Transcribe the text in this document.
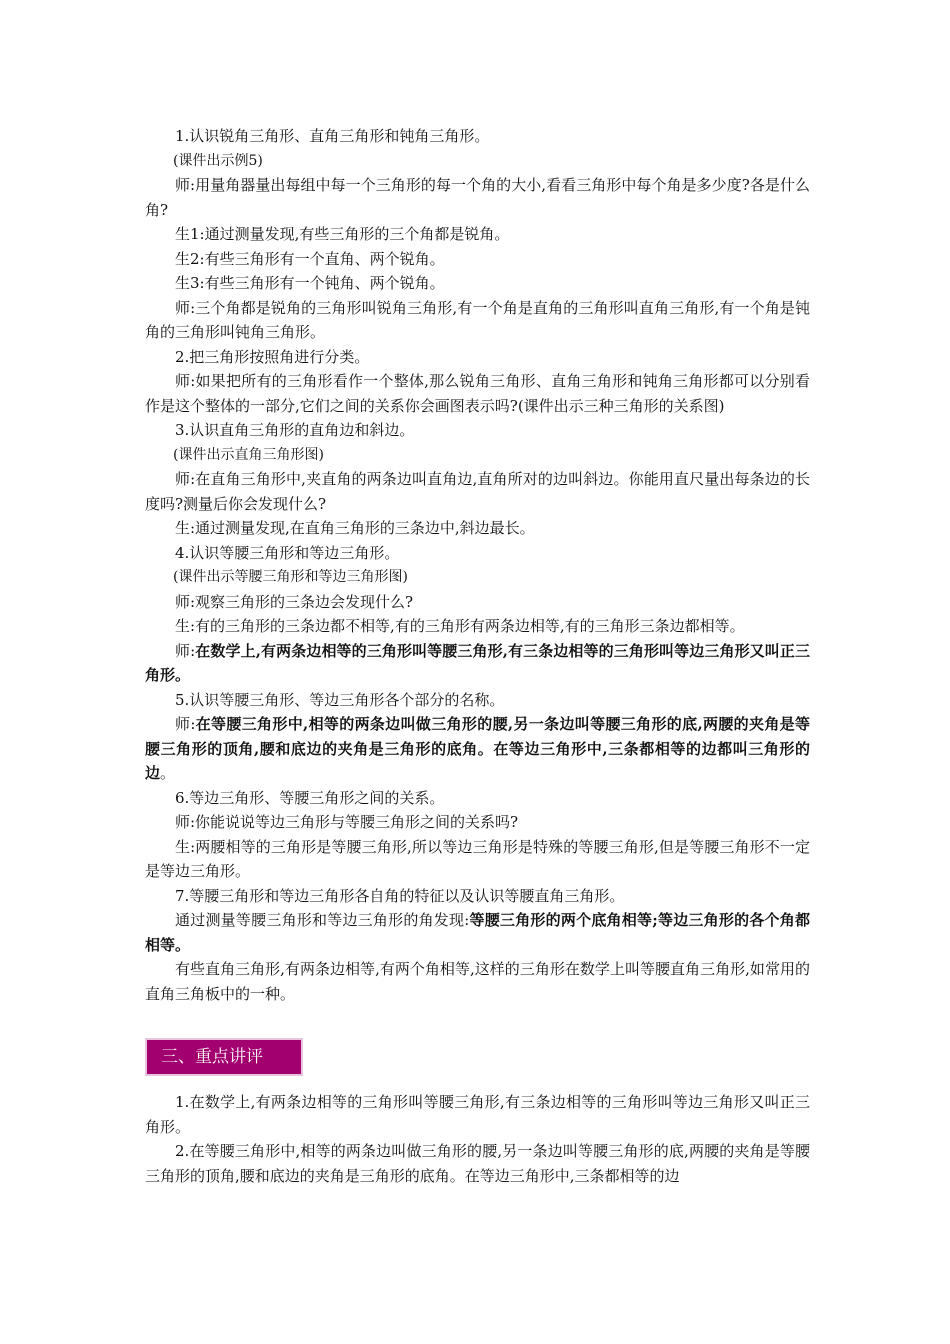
1.认识锐角三角形、直角三角形和钝角三角形。

(课件出示例5)

师:用量角器量出每组中每一个三角形的每一个角的大小,看看三角形中每个角是多少度?各是什么角?

生1:通过测量发现,有些三角形的三个角都是锐角。

生2:有些三角形有一个直角、两个锐角。

生3:有些三角形有一个钝角、两个锐角。

师:三个角都是锐角的三角形叫锐角三角形,有一个角是直角的三角形叫直角三角形,有一个角是钝角的三角形叫钝角三角形。

2.把三角形按照角进行分类。

师:如果把所有的三角形看作一个整体,那么锐角三角形、直角三角形和钝角三角形都可以分别看作是这个整体的一部分,它们之间的关系你会画图表示吗?(课件出示三种三角形的关系图)

3.认识直角三角形的直角边和斜边。

(课件出示直角三角形图)

师:在直角三角形中,夹直角的两条边叫直角边,直角所对的边叫斜边。你能用直尺量出每条边的长度吗?测量后你会发现什么?

生:通过测量发现,在直角三角形的三条边中,斜边最长。

4.认识等腰三角形和等边三角形。

(课件出示等腰三角形和等边三角形图)

师:观察三角形的三条边会发现什么?

生:有的三角形的三条边都不相等,有的三角形有两条边相等,有的三角形三条边都相等。

师:在数学上,有两条边相等的三角形叫等腰三角形,有三条边相等的三角形叫等边三角形又叫正三角形。

5.认识等腰三角形、等边三角形各个部分的名称。

师:在等腰三角形中,相等的两条边叫做三角形的腰,另一条边叫等腰三角形的底,两腰的夹角是等腰三角形的顶角,腰和底边的夹角是三角形的底角。在等边三角形中,三条都相等的边都叫三角形的边。

6.等边三角形、等腰三角形之间的关系。

师:你能说说等边三角形与等腰三角形之间的关系吗?

生:两腰相等的三角形是等腰三角形,所以等边三角形是特殊的等腰三角形,但是等腰三角形不一定是等边三角形。

7.等腰三角形和等边三角形各自角的特征以及认识等腰直角三角形。

通过测量等腰三角形和等边三角形的角发现:等腰三角形的两个底角相等;等边三角形的各个角都相等。

有些直角三角形,有两条边相等,有两个角相等,这样的三角形在数学上叫等腰直角三角形,如常用的直角三角板中的一种。

三、重点讲评

1.在数学上,有两条边相等的三角形叫等腰三角形,有三条边相等的三角形叫等边三角形又叫正三角形。

2.在等腰三角形中,相等的两条边叫做三角形的腰,另一条边叫等腰三角形的底,两腰的夹角是等腰三角形的顶角,腰和底边的夹角是三角形的底角。在等边三角形中,三条都相等的边
